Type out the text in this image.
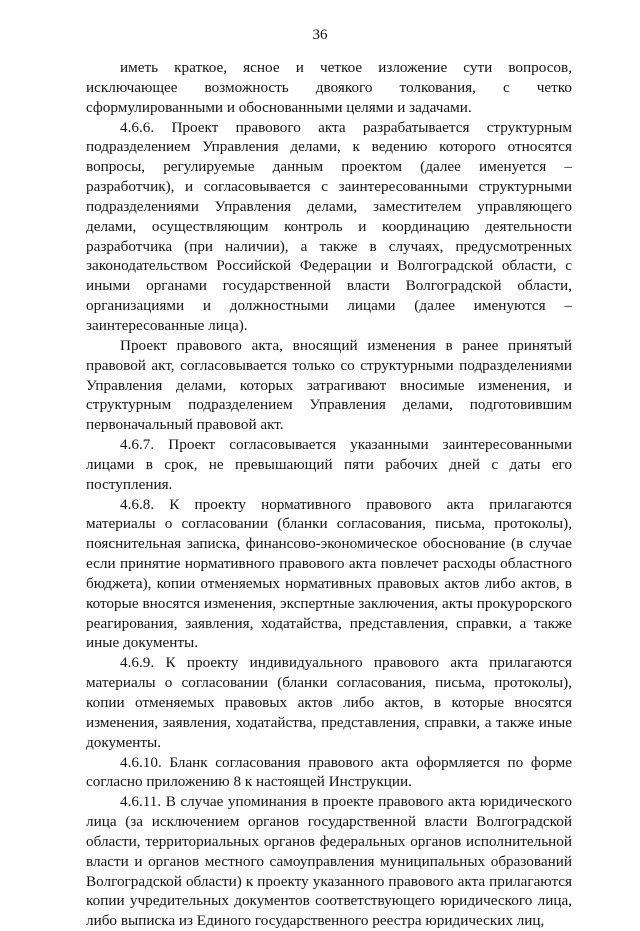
36

иметь краткое, ясное и четкое изложение сути вопросов, исключающее возможность двоякого толкования, с четко сформулированными и обоснованными целями и задачами.

4.6.6. Проект правового акта разрабатывается структурным подразделением Управления делами, к ведению которого относятся вопросы, регулируемые данным проектом (далее именуется – разработчик), и согласовывается с заинтересованными структурными подразделениями Управления делами, заместителем управляющего делами, осуществляющим контроль и координацию деятельности разработчика (при наличии), а также в случаях, предусмотренных законодательством Российской Федерации и Волгоградской области, с иными органами государственной власти Волгоградской области, организациями и должностными лицами (далее именуются – заинтересованные лица).

Проект правового акта, вносящий изменения в ранее принятый правовой акт, согласовывается только со структурными подразделениями Управления делами, которых затрагивают вносимые изменения, и структурным подразделением Управления делами, подготовившим первоначальный правовой акт.

4.6.7. Проект согласовывается указанными заинтересованными лицами в срок, не превышающий пяти рабочих дней с даты его поступления.

4.6.8. К проекту нормативного правового акта прилагаются материалы о согласовании (бланки согласования, письма, протоколы), пояснительная записка, финансово-экономическое обоснование (в случае если принятие нормативного правового акта повлечет расходы областного бюджета), копии отменяемых нормативных правовых актов либо актов, в которые вносятся изменения, экспертные заключения, акты прокурорского реагирования, заявления, ходатайства, представления, справки, а также иные документы.

4.6.9. К проекту индивидуального правового акта прилагаются материалы о согласовании (бланки согласования, письма, протоколы), копии отменяемых правовых актов либо актов, в которые вносятся изменения, заявления, ходатайства, представления, справки, а также иные документы.

4.6.10. Бланк согласования правового акта оформляется по форме согласно приложению 8 к настоящей Инструкции.

4.6.11. В случае упоминания в проекте правового акта юридического лица (за исключением органов государственной власти Волгоградской области, территориальных органов федеральных органов исполнительной власти и органов местного самоуправления муниципальных образований Волгоградской области) к проекту указанного правового акта прилагаются копии учредительных документов соответствующего юридического лица, либо выписка из Единого государственного реестра юридических лиц,
